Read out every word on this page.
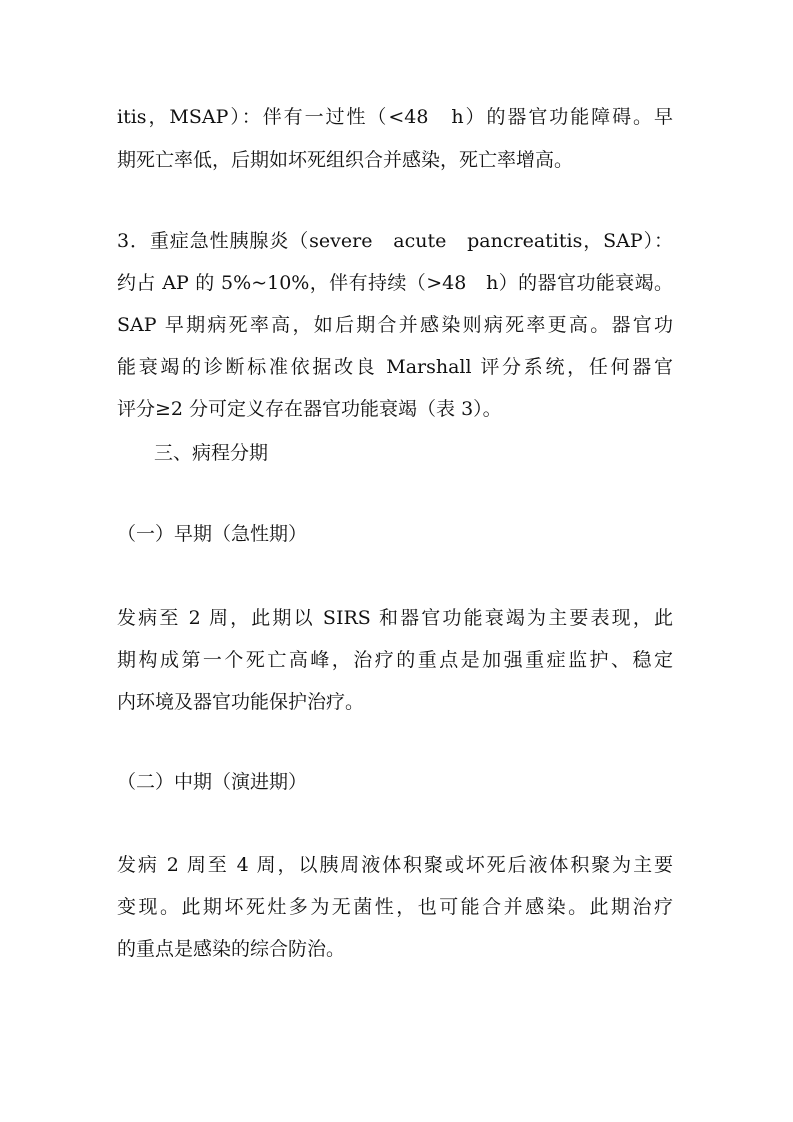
itis，MSAP）：伴有一过性（<48　h）的器官功能障碍。早
期死亡率低，后期如坏死组织合并感染，死亡率增高。
3．重症急性胰腺炎（severe　acute　pancreatitis，SAP）：
约占 AP 的 5%~10%，伴有持续（>48　h）的器官功能衰竭。
SAP 早期病死率高，如后期合并感染则病死率更高。器官功
能衰竭的诊断标准依据改良 Marshall 评分系统，任何器官
评分≥2 分可定义存在器官功能衰竭（表 3）。
三、病程分期
（一）早期（急性期）
发病至 2 周，此期以 SIRS 和器官功能衰竭为主要表现，此
期构成第一个死亡高峰，治疗的重点是加强重症监护、稳定
内环境及器官功能保护治疗。
（二）中期（演进期）
发病 2 周至 4 周，以胰周液体积聚或坏死后液体积聚为主要
变现。此期坏死灶多为无菌性，也可能合并感染。此期治疗
的重点是感染的综合防治。
